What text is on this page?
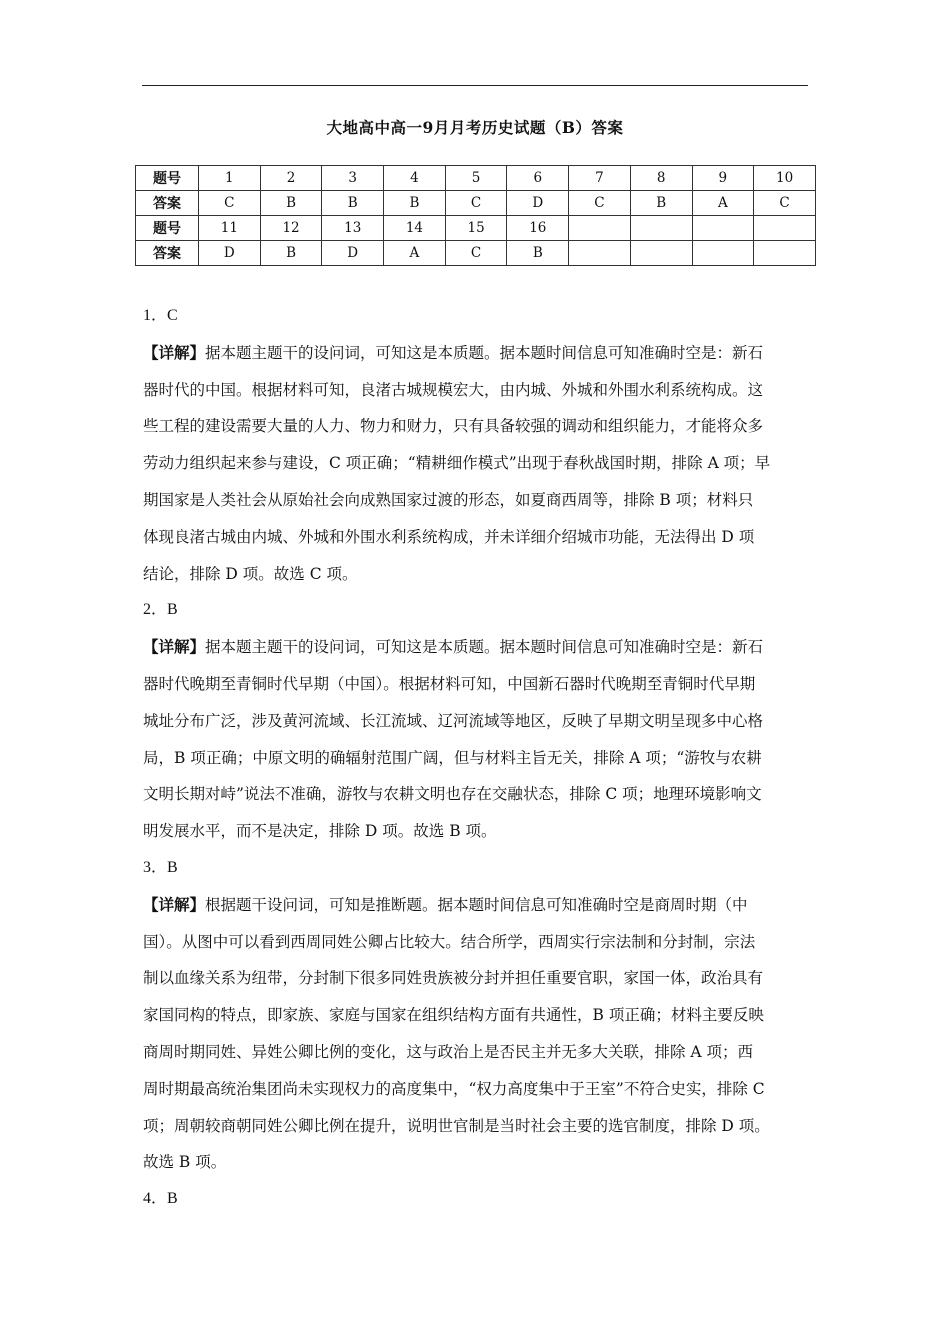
大地高中高一9月月考历史试题（B）答案
题号	1	2	3	4	5	6	7	8	9	10
答案	C	B	B	B	C	D	C	B	A	C
题号	11	12	13	14	15	16				
答案	D	B	D	A	C	B				

1．C

【详解】据本题主题干的设问词，可知这是本质题。据本题时间信息可知准确时空是：新石

器时代的中国。根据材料可知，良渚古城规模宏大，由内城、外城和外围水利系统构成。这

些工程的建设需要大量的人力、物力和财力，只有具备较强的调动和组织能力，才能将众多

劳动力组织起来参与建设，C 项正确；“精耕细作模式”出现于春秋战国时期，排除 A 项；早

期国家是人类社会从原始社会向成熟国家过渡的形态，如夏商西周等，排除 B 项；材料只

体现良渚古城由内城、外城和外围水利系统构成，并未详细介绍城市功能，无法得出 D 项

结论，排除 D 项。故选 C 项。

2．B

【详解】据本题主题干的设问词，可知这是本质题。据本题时间信息可知准确时空是：新石

器时代晚期至青铜时代早期（中国）。根据材料可知，中国新石器时代晚期至青铜时代早期

城址分布广泛，涉及黄河流域、长江流域、辽河流域等地区，反映了早期文明呈现多中心格

局，B 项正确；中原文明的确辐射范围广阔，但与材料主旨无关，排除 A 项；“游牧与农耕

文明长期对峙”说法不准确，游牧与农耕文明也存在交融状态，排除 C 项；地理环境影响文

明发展水平，而不是决定，排除 D 项。故选 B 项。

3．B

【详解】根据题干设问词，可知是推断题。据本题时间信息可知准确时空是商周时期（中

国）。从图中可以看到西周同姓公卿占比较大。结合所学，西周实行宗法制和分封制，宗法

制以血缘关系为纽带，分封制下很多同姓贵族被分封并担任重要官职，家国一体，政治具有

家国同构的特点，即家族、家庭与国家在组织结构方面有共通性，B 项正确；材料主要反映

商周时期同姓、异姓公卿比例的变化，这与政治上是否民主并无多大关联，排除 A 项；西

周时期最高统治集团尚未实现权力的高度集中，“权力高度集中于王室”不符合史实，排除 C

项；周朝较商朝同姓公卿比例在提升，说明世官制是当时社会主要的选官制度，排除 D 项。

故选 B 项。

4．B
